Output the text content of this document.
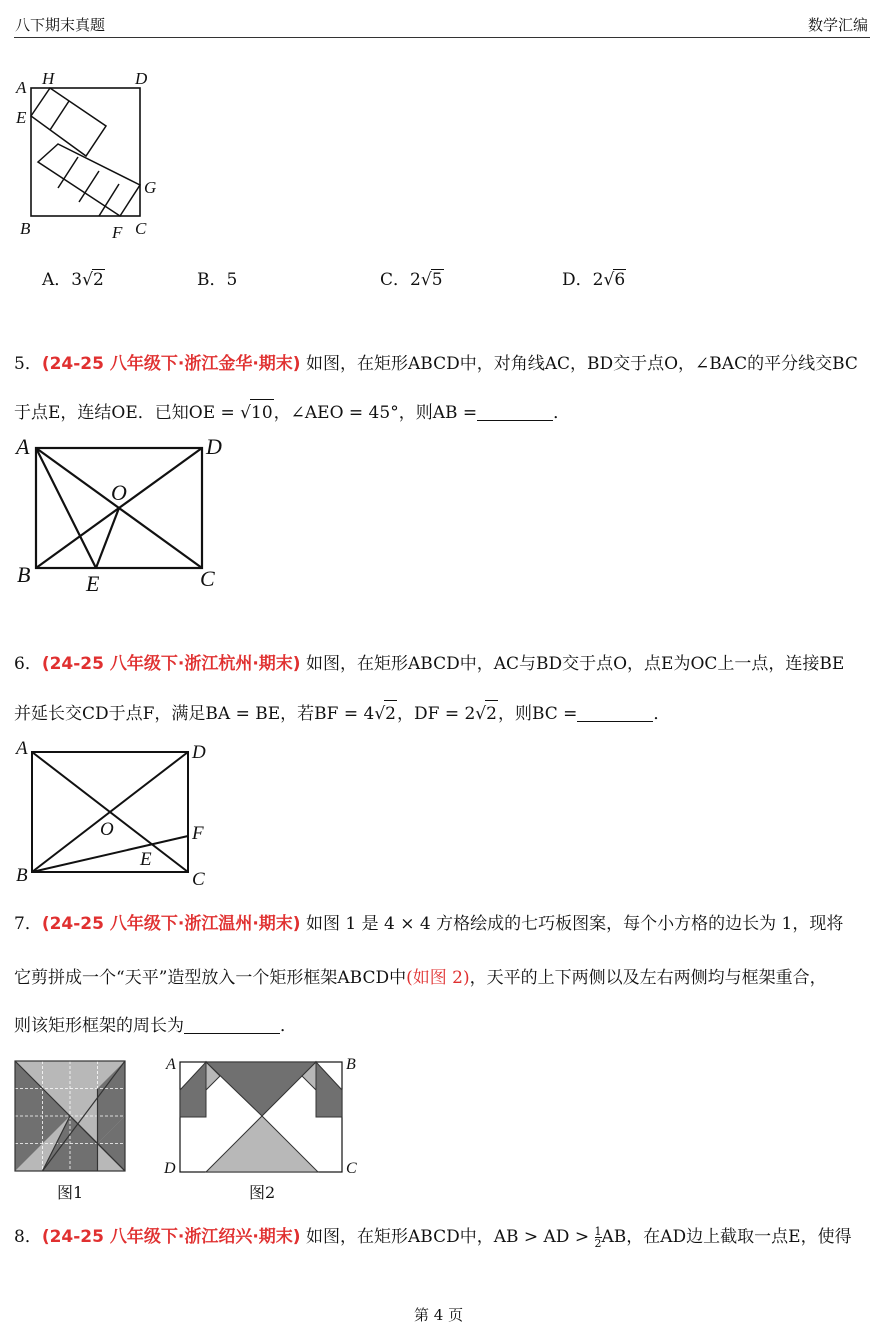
八下期末真题	数学汇编
A H	D
E
G
B	F C
A．3√2	B．5	C．2√5	D．2√6
5．(24-25 八年级下·浙江金华·期末) 如图，在矩形ABCD中，对角线AC，BD交于点O，∠BAC的平分线交BC
于点E，连结OE．已知OE = √10，∠AEO = 45°，则AB =	．
A	D
O
B	E	C
6．(24-25 八年级下·浙江杭州·期末) 如图，在矩形ABCD中，AC与BD交于点O，点E为OC上一点，连接BE
并延长交CD于点F，满足BA = BE，若BF = 4√2，DF = 2√2，则BC =	．
A	D
O	F
E
B	C
7．(24-25 八年级下·浙江温州·期末) 如图 1 是 4 × 4 方格绘成的七巧板图案，每个小方格的边长为 1，现将
它剪拼成一个“天平”造型放入一个矩形框架ABCD中(如图 2)，天平的上下两侧以及左右两侧均与框架重合，
则该矩形框架的周长为	．
图1
A	B
D	C
图2
8．(24-25 八年级下·浙江绍兴·期末) 如图，在矩形ABCD中，AB > AD > $\frac{1}{2}$ AB，在AD边上截取一点E，使得
第 4 页
